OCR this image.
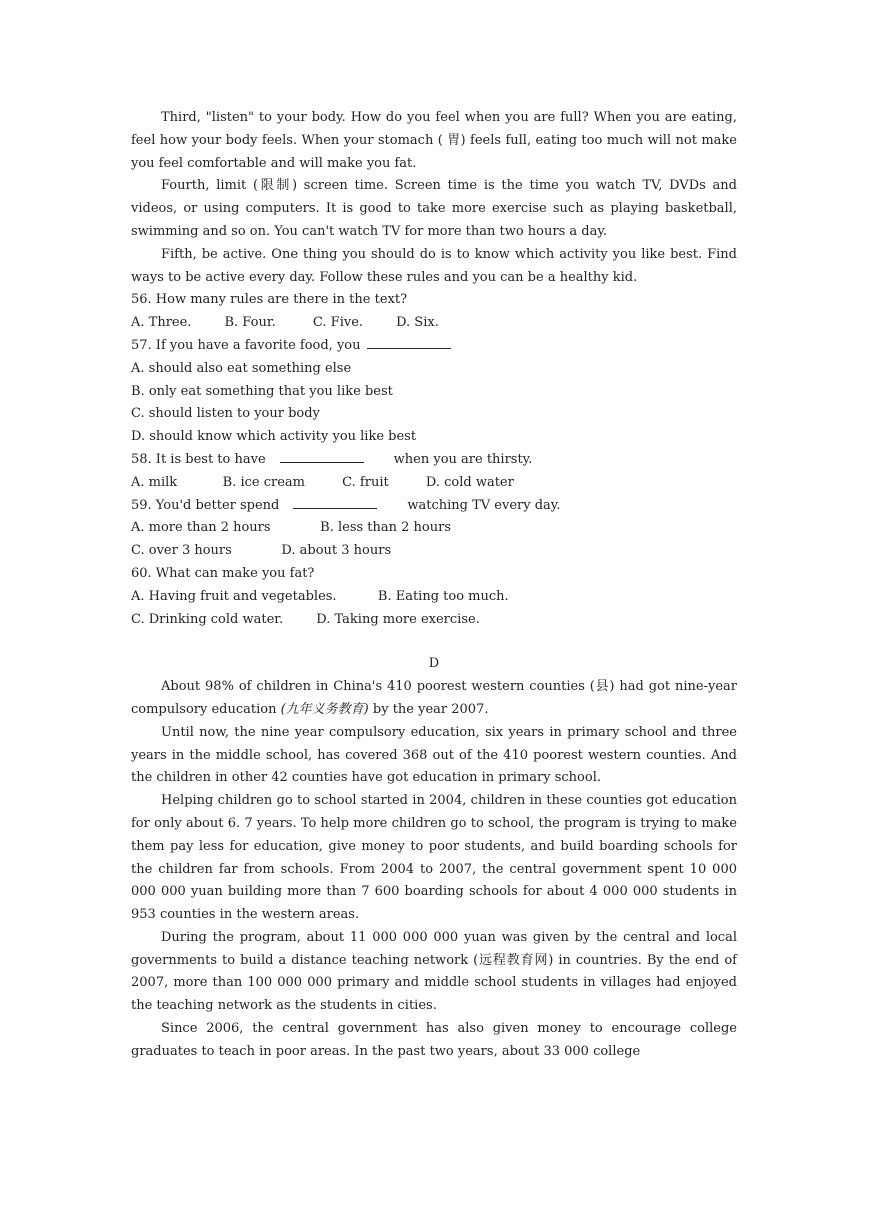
Third, "listen" to your body. How do you feel when you are full? When you are eating, feel how your body feels. When your stomach ( 胃) feels full, eating too much will not make you feel comfortable and will make you fat.
Fourth, limit (限制) screen time. Screen time is the time you watch TV, DVDs and videos, or using computers. It is good to take more exercise such as playing basketball, swimming and so on. You can't watch TV for more than two hours a day.
Fifth, be active. One thing you should do is to know which activity you like best. Find ways to be active every day. Follow these rules and you can be a healthy kid.
56. How many rules are there in the text?
A. Three.        B. Four.         C. Five.        D. Six.
57. If you have a favorite food, you
A. should also eat something else
B. only eat something that you like best
C. should listen to your body
D. should know which activity you like best
58. It is best to have	when you are thirsty.
A. milk           B. ice cream         C. fruit         D. cold water
59. You'd better spend	watching TV every day.
A. more than 2 hours            B. less than 2 hours
C. over 3 hours            D. about 3 hours
60. What can make you fat?
A. Having fruit and vegetables.          B. Eating too much.
C. Drinking cold water.        D. Taking more exercise.
D
About 98% of children in China's 410 poorest western counties (县) had got nine-year compulsory education (九年义务教育) by the year 2007.
Until now, the nine year compulsory education, six years in primary school and three years in the middle school, has covered 368 out of the 410 poorest western counties. And the children in other 42 counties have got education in primary school.
Helping children go to school started in 2004, children in these counties got education for only about 6. 7 years. To help more children go to school, the program is trying to make them pay less for education, give money to poor students, and build boarding schools for the children far from schools. From 2004 to 2007, the central government spent 10 000 000 000 yuan building more than 7 600 boarding schools for about 4 000 000 students in 953 counties in the western areas.
During the program, about 11 000 000 000 yuan was given by the central and local governments to build a distance teaching network (远程教育网) in countries. By the end of 2007, more than 100 000 000 primary and middle school students in villages had enjoyed the teaching network as the students in cities.
Since 2006, the central government has also given money to encourage college graduates to teach in poor areas. In the past two years, about 33 000 college
